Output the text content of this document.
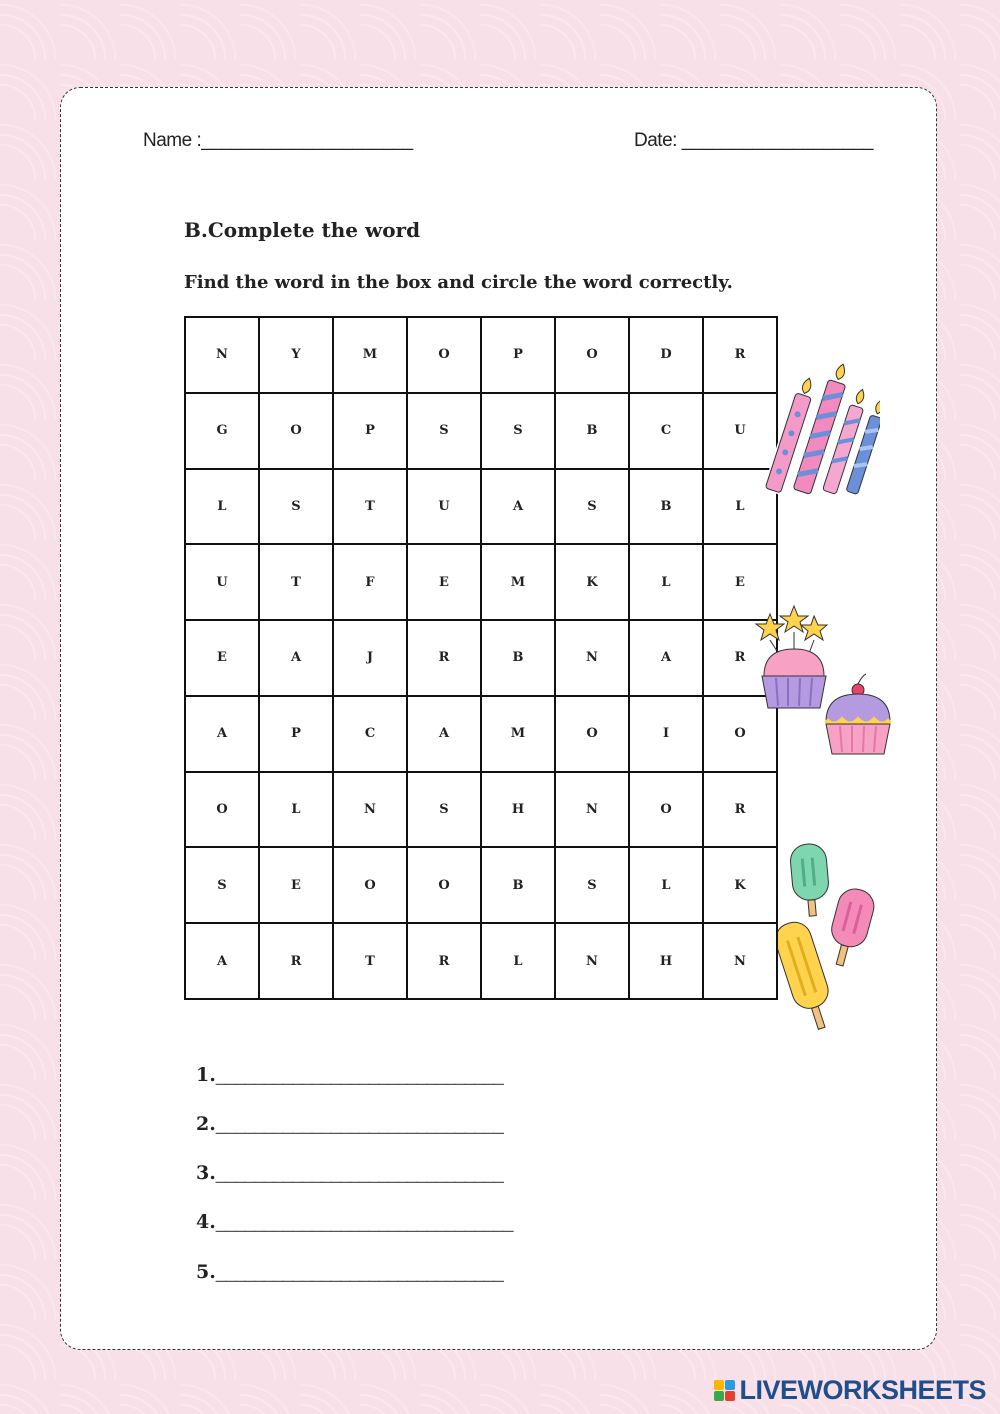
Name :_____________________	Date: ___________________
B.Complete the word
Find the word in the box and circle the word correctly.
N	Y	M	O	P	O	D	R
G	O	P	S	S	B	C	U
L	S	T	U	A	S	B	L
U	T	F	E	M	K	L	E
E	A	J	R	B	N	A	R
A	P	C	A	M	O	I	O
O	L	N	S	H	N	O	R
S	E	O	O	B	S	L	K
A	R	T	R	L	N	H	N
1.______________________________
2.______________________________
3.______________________________
4._______________________________
5.______________________________
LIVEWORKSHEETS
